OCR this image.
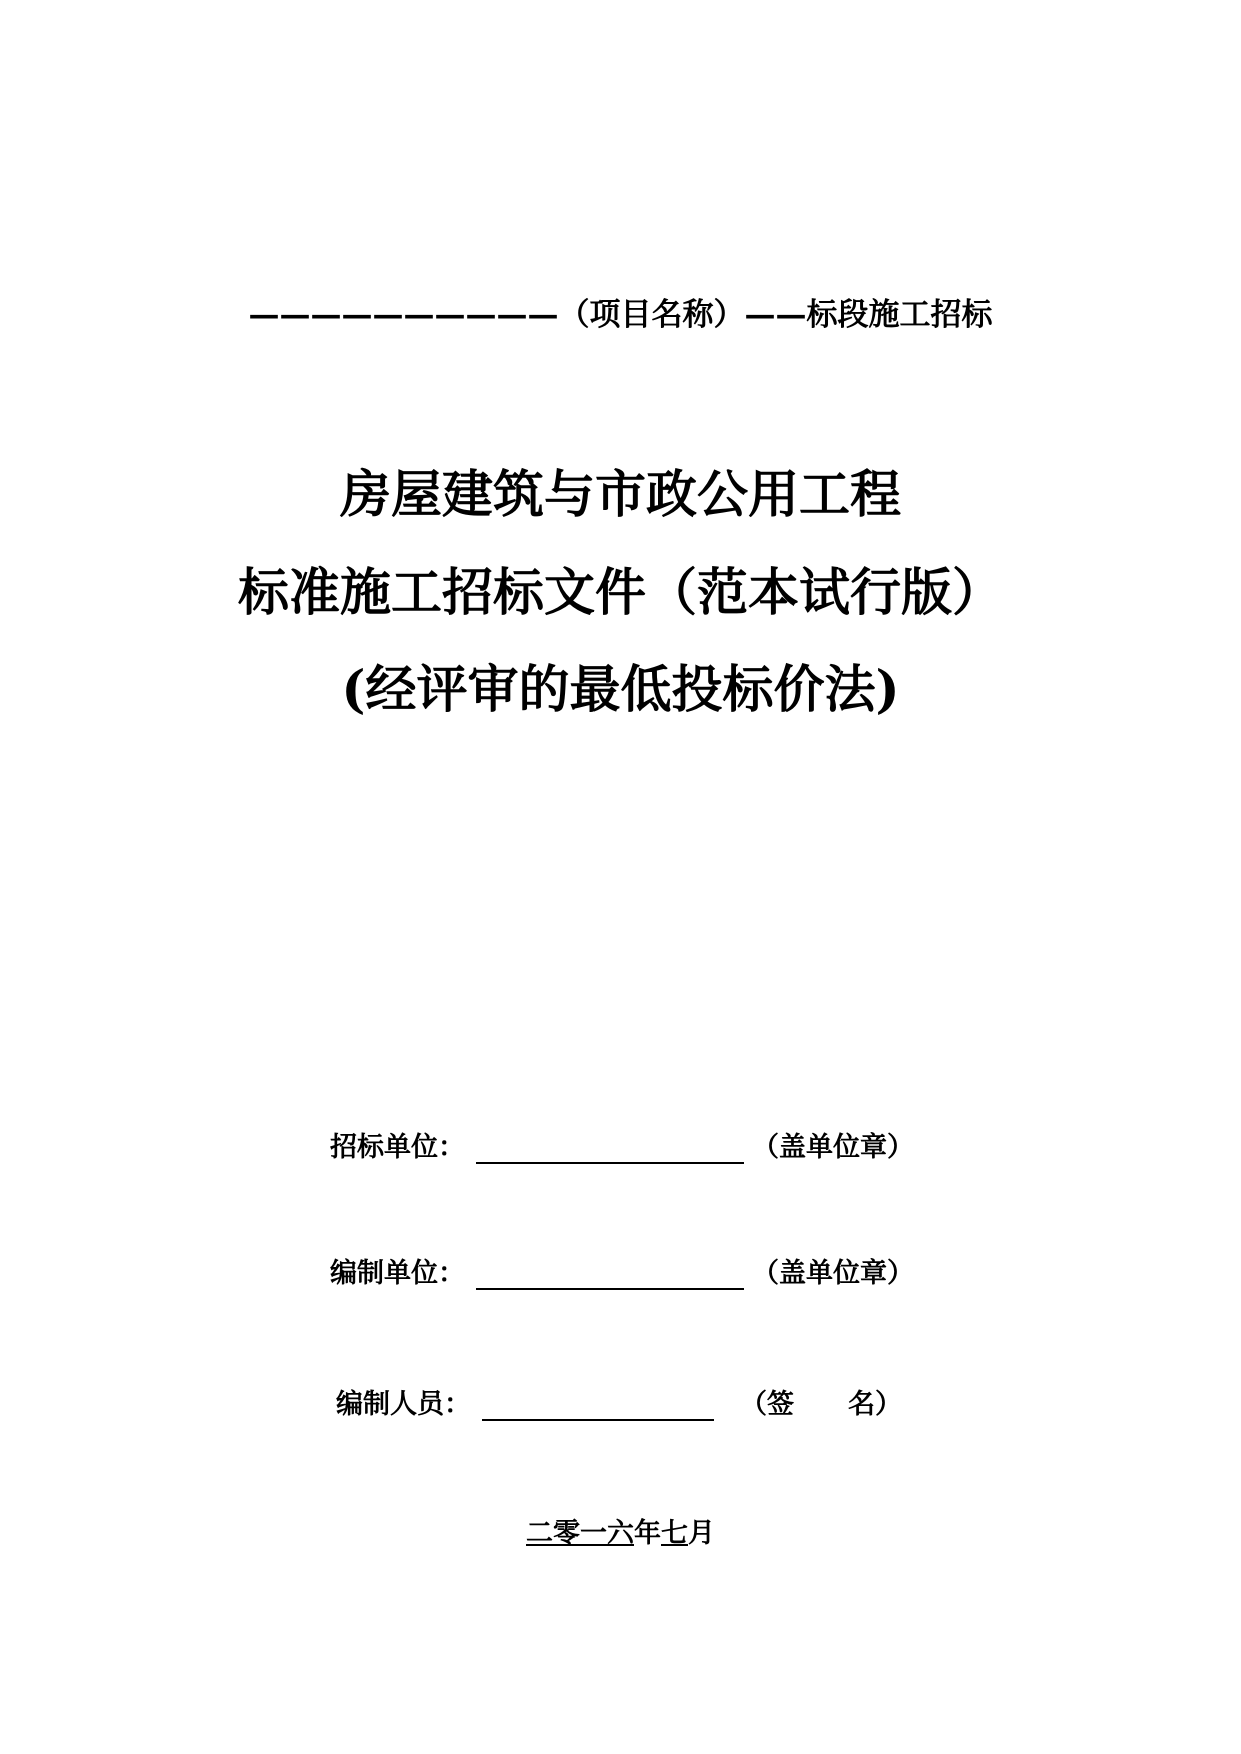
——————————（项目名称）——标段施工招标
房屋建筑与市政公用工程
标准施工招标文件（范本试行版）
(经评审的最低投标价法)
招标单位：	（盖单位章）
编制单位：	（盖单位章）
编制人员：	（签　　名）
二零一六年七月
